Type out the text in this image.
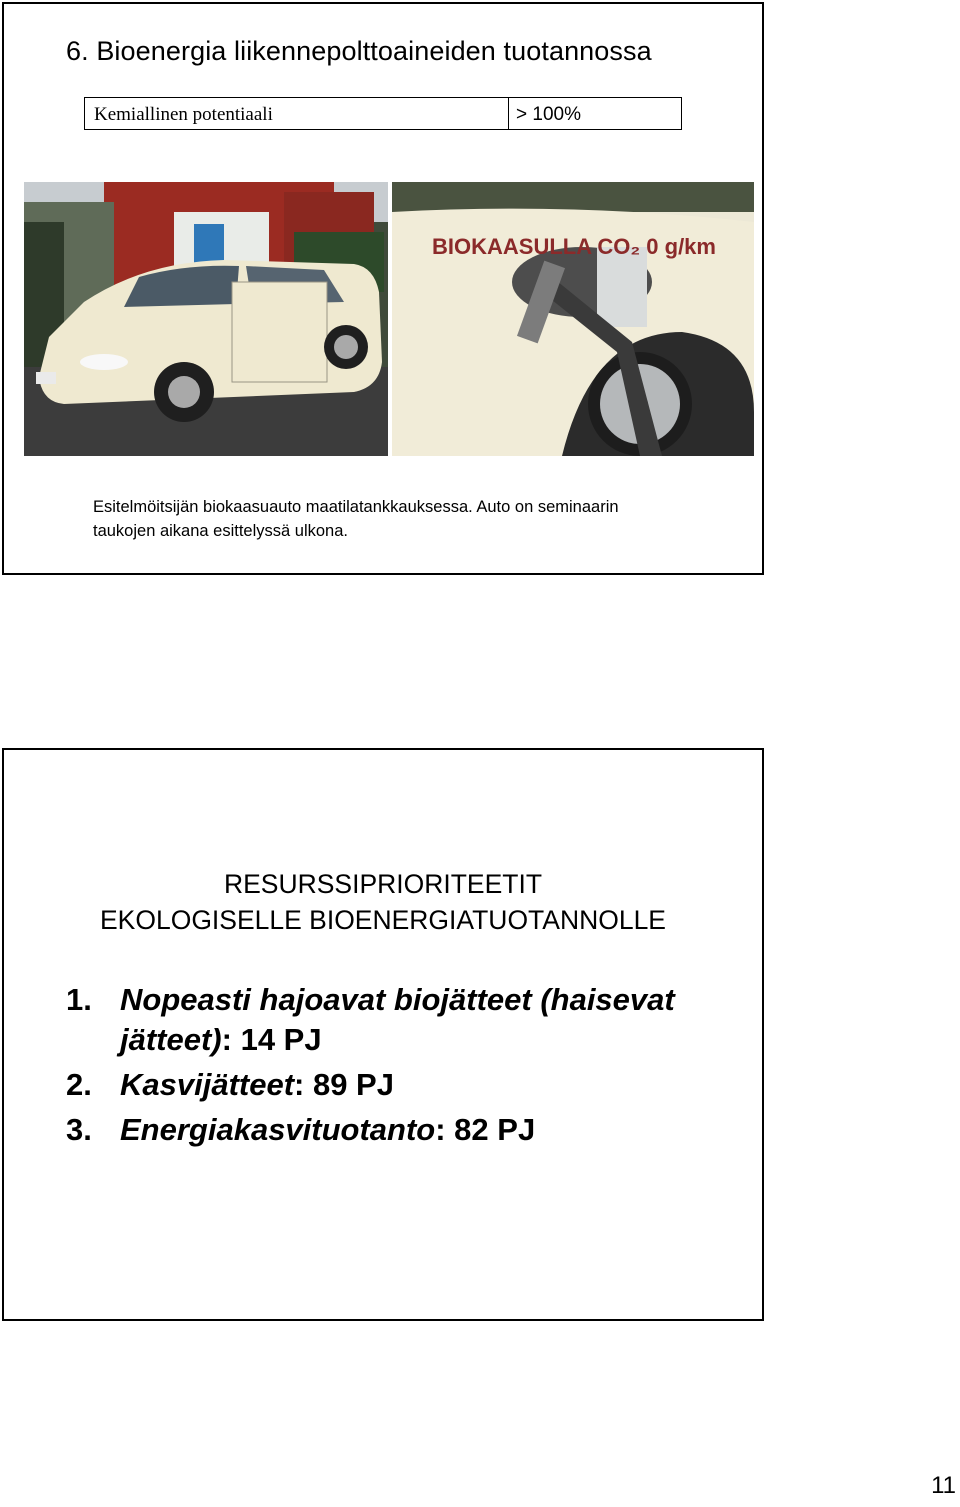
6. Bioenergia liikennepolttoaineiden tuotannossa
Kemiallinen potentiaali	> 100%
BIOKAASULLA CO₂ 0 g/km
Esitelmöitsijän biokaasuauto maatilatankkauksessa. Auto on seminaarin
taukojen aikana esittelyssä ulkona.
RESURSSIPRIORITEETIT
EKOLOGISELLE BIOENERGIATUOTANNOLLE
1. Nopeasti hajoavat biojätteet (haisevat jätteet): 14 PJ
2. Kasvijätteet: 89 PJ
3. Energiakasvituotanto: 82 PJ
11
